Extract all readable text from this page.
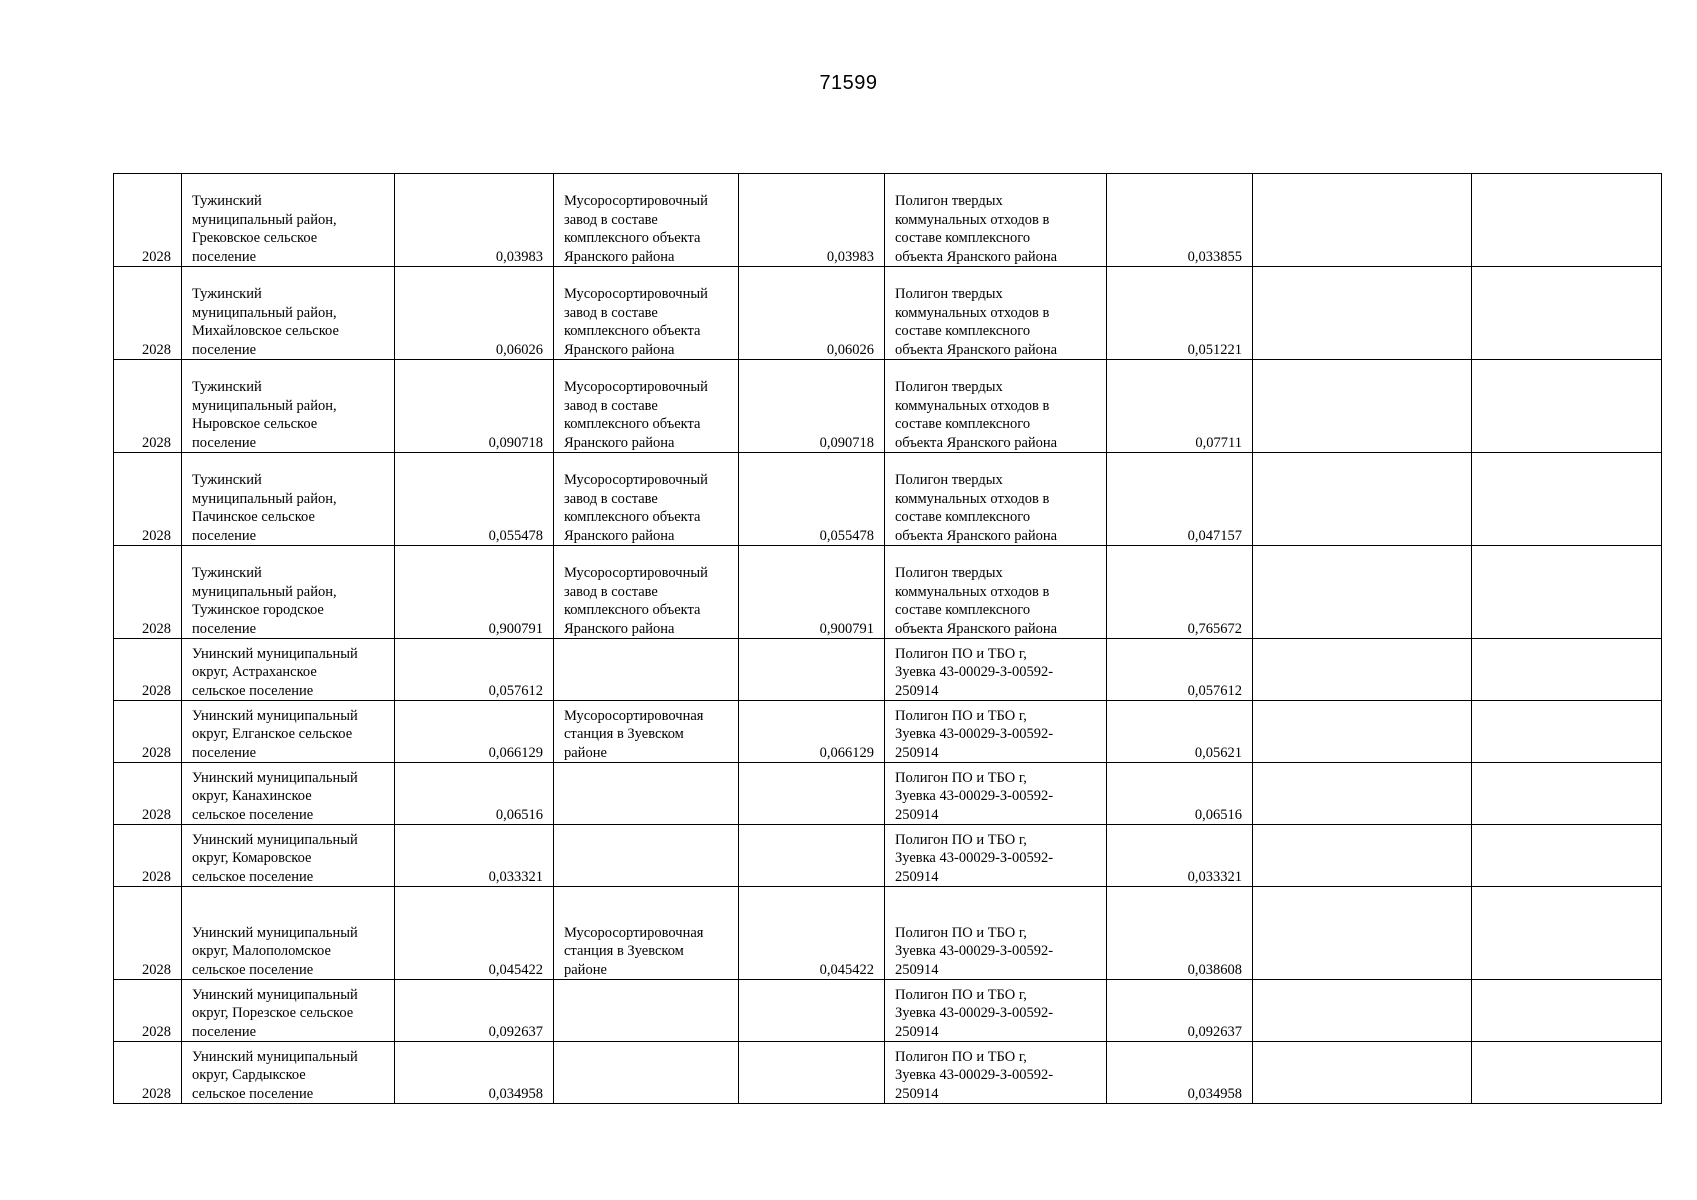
71599
2028	Тужинский
муниципальный район,
Грековское сельское
поселение	0,03983	Мусоросортировочный
завод в составе
комплексного объекта
Яранского района	0,03983	Полигон твердых
коммунальных отходов в
составе комплексного
объекта Яранского района	0,033855		

2028	Тужинский
муниципальный район,
Михайловское сельское
поселение	0,06026	Мусоросортировочный
завод в составе
комплексного объекта
Яранского района	0,06026	Полигон твердых
коммунальных отходов в
составе комплексного
объекта Яранского района	0,051221		

2028	Тужинский
муниципальный район,
Ныровское сельское
поселение	0,090718	Мусоросортировочный
завод в составе
комплексного объекта
Яранского района	0,090718	Полигон твердых
коммунальных отходов в
составе комплексного
объекта Яранского района	0,07711		

2028	Тужинский
муниципальный район,
Пачинское сельское
поселение	0,055478	Мусоросортировочный
завод в составе
комплексного объекта
Яранского района	0,055478	Полигон твердых
коммунальных отходов в
составе комплексного
объекта Яранского района	0,047157		

2028	Тужинский
муниципальный район,
Тужинское городское
поселение	0,900791	Мусоросортировочный
завод в составе
комплексного объекта
Яранского района	0,900791	Полигон твердых
коммунальных отходов в
составе комплексного
объекта Яранского района	0,765672		

2028	Унинский муниципальный
округ, Астраханское
сельское поселение	0,057612			Полигон ПО и ТБО г,
Зуевка 43-00029-З-00592-
250914	0,057612		

2028	Унинский муниципальный
округ, Елганское сельское
поселение	0,066129	Мусоросортировочная
станция в Зуевском
районе	0,066129	Полигон ПО и ТБО г,
Зуевка 43-00029-З-00592-
250914	0,05621		

2028	Унинский муниципальный
округ, Канахинское
сельское поселение	0,06516			Полигон ПО и ТБО г,
Зуевка 43-00029-З-00592-
250914	0,06516		

2028	Унинский муниципальный
округ, Комаровское
сельское поселение	0,033321			Полигон ПО и ТБО г,
Зуевка 43-00029-З-00592-
250914	0,033321		

2028	Унинский муниципальный
округ, Малополомское
сельское поселение	0,045422	Мусоросортировочная
станция в Зуевском
районе	0,045422	Полигон ПО и ТБО г,
Зуевка 43-00029-З-00592-
250914	0,038608		

2028	Унинский муниципальный
округ, Порезское сельское
поселение	0,092637			Полигон ПО и ТБО г,
Зуевка 43-00029-З-00592-
250914	0,092637		

2028	Унинский муниципальный
округ, Сардыкское
сельское поселение	0,034958			Полигон ПО и ТБО г,
Зуевка 43-00029-З-00592-
250914	0,034958		
